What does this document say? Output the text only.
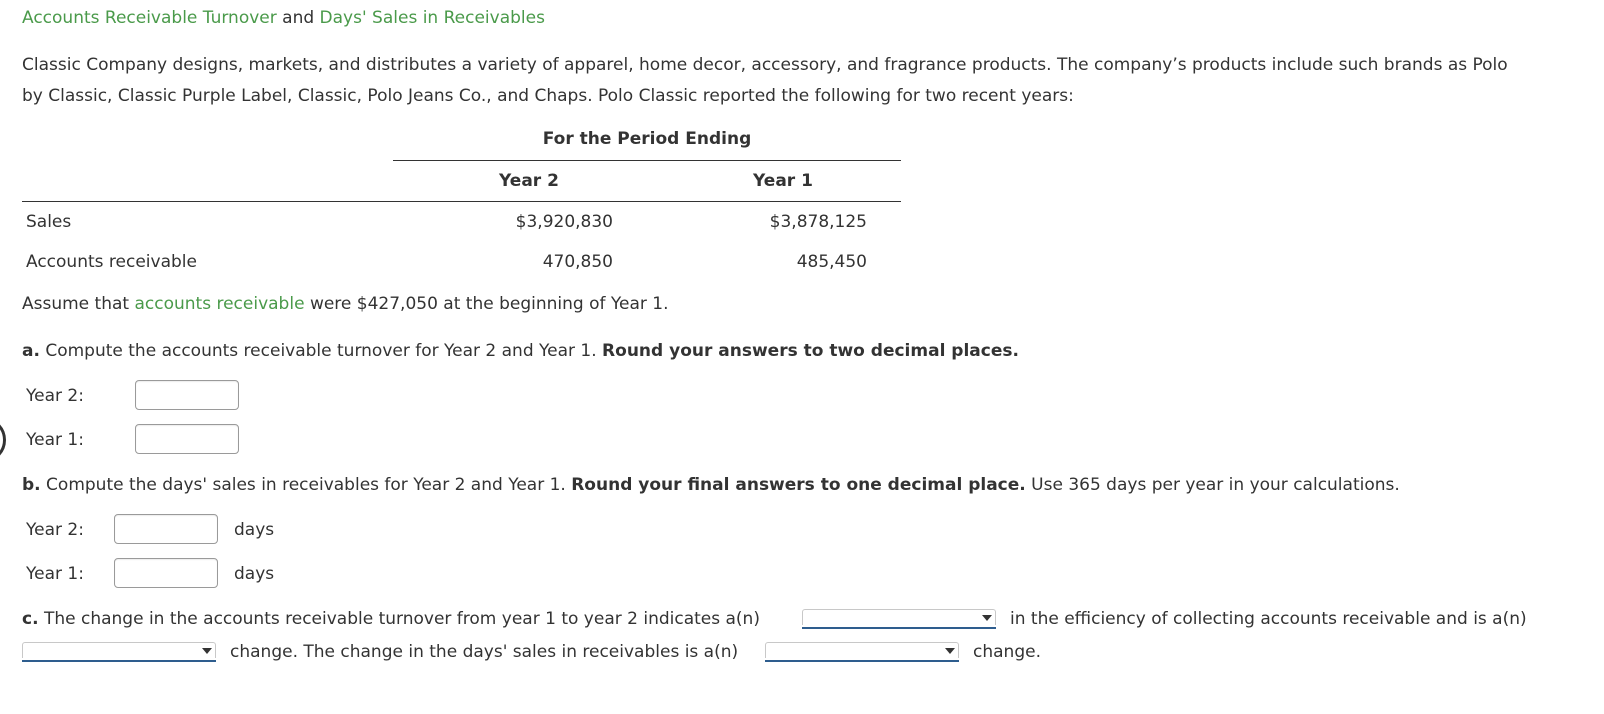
Accounts Receivable Turnover and Days' Sales in Receivables
Classic Company designs, markets, and distributes a variety of apparel, home decor, accessory, and fragrance products. The company’s products include such brands as Polo
by Classic, Classic Purple Label, Classic, Polo Jeans Co., and Chaps. Polo Classic reported the following for two recent years:
For the Period Ending
Year 2	Year 1
Sales	$3,920,830	$3,878,125
Accounts receivable	470,850	485,450
Assume that accounts receivable were $427,050 at the beginning of Year 1.
a. Compute the accounts receivable turnover for Year 2 and Year 1. Round your answers to two decimal places.
Year 2:
Year 1:
b. Compute the days' sales in receivables for Year 2 and Year 1. Round your final answers to one decimal place. Use 365 days per year in your calculations.
Year 2:	days
Year 1:	days
c. The change in the accounts receivable turnover from year 1 to year 2 indicates a(n)	in the efficiency of collecting accounts receivable and is a(n)
change. The change in the days' sales in receivables is a(n)	change.
